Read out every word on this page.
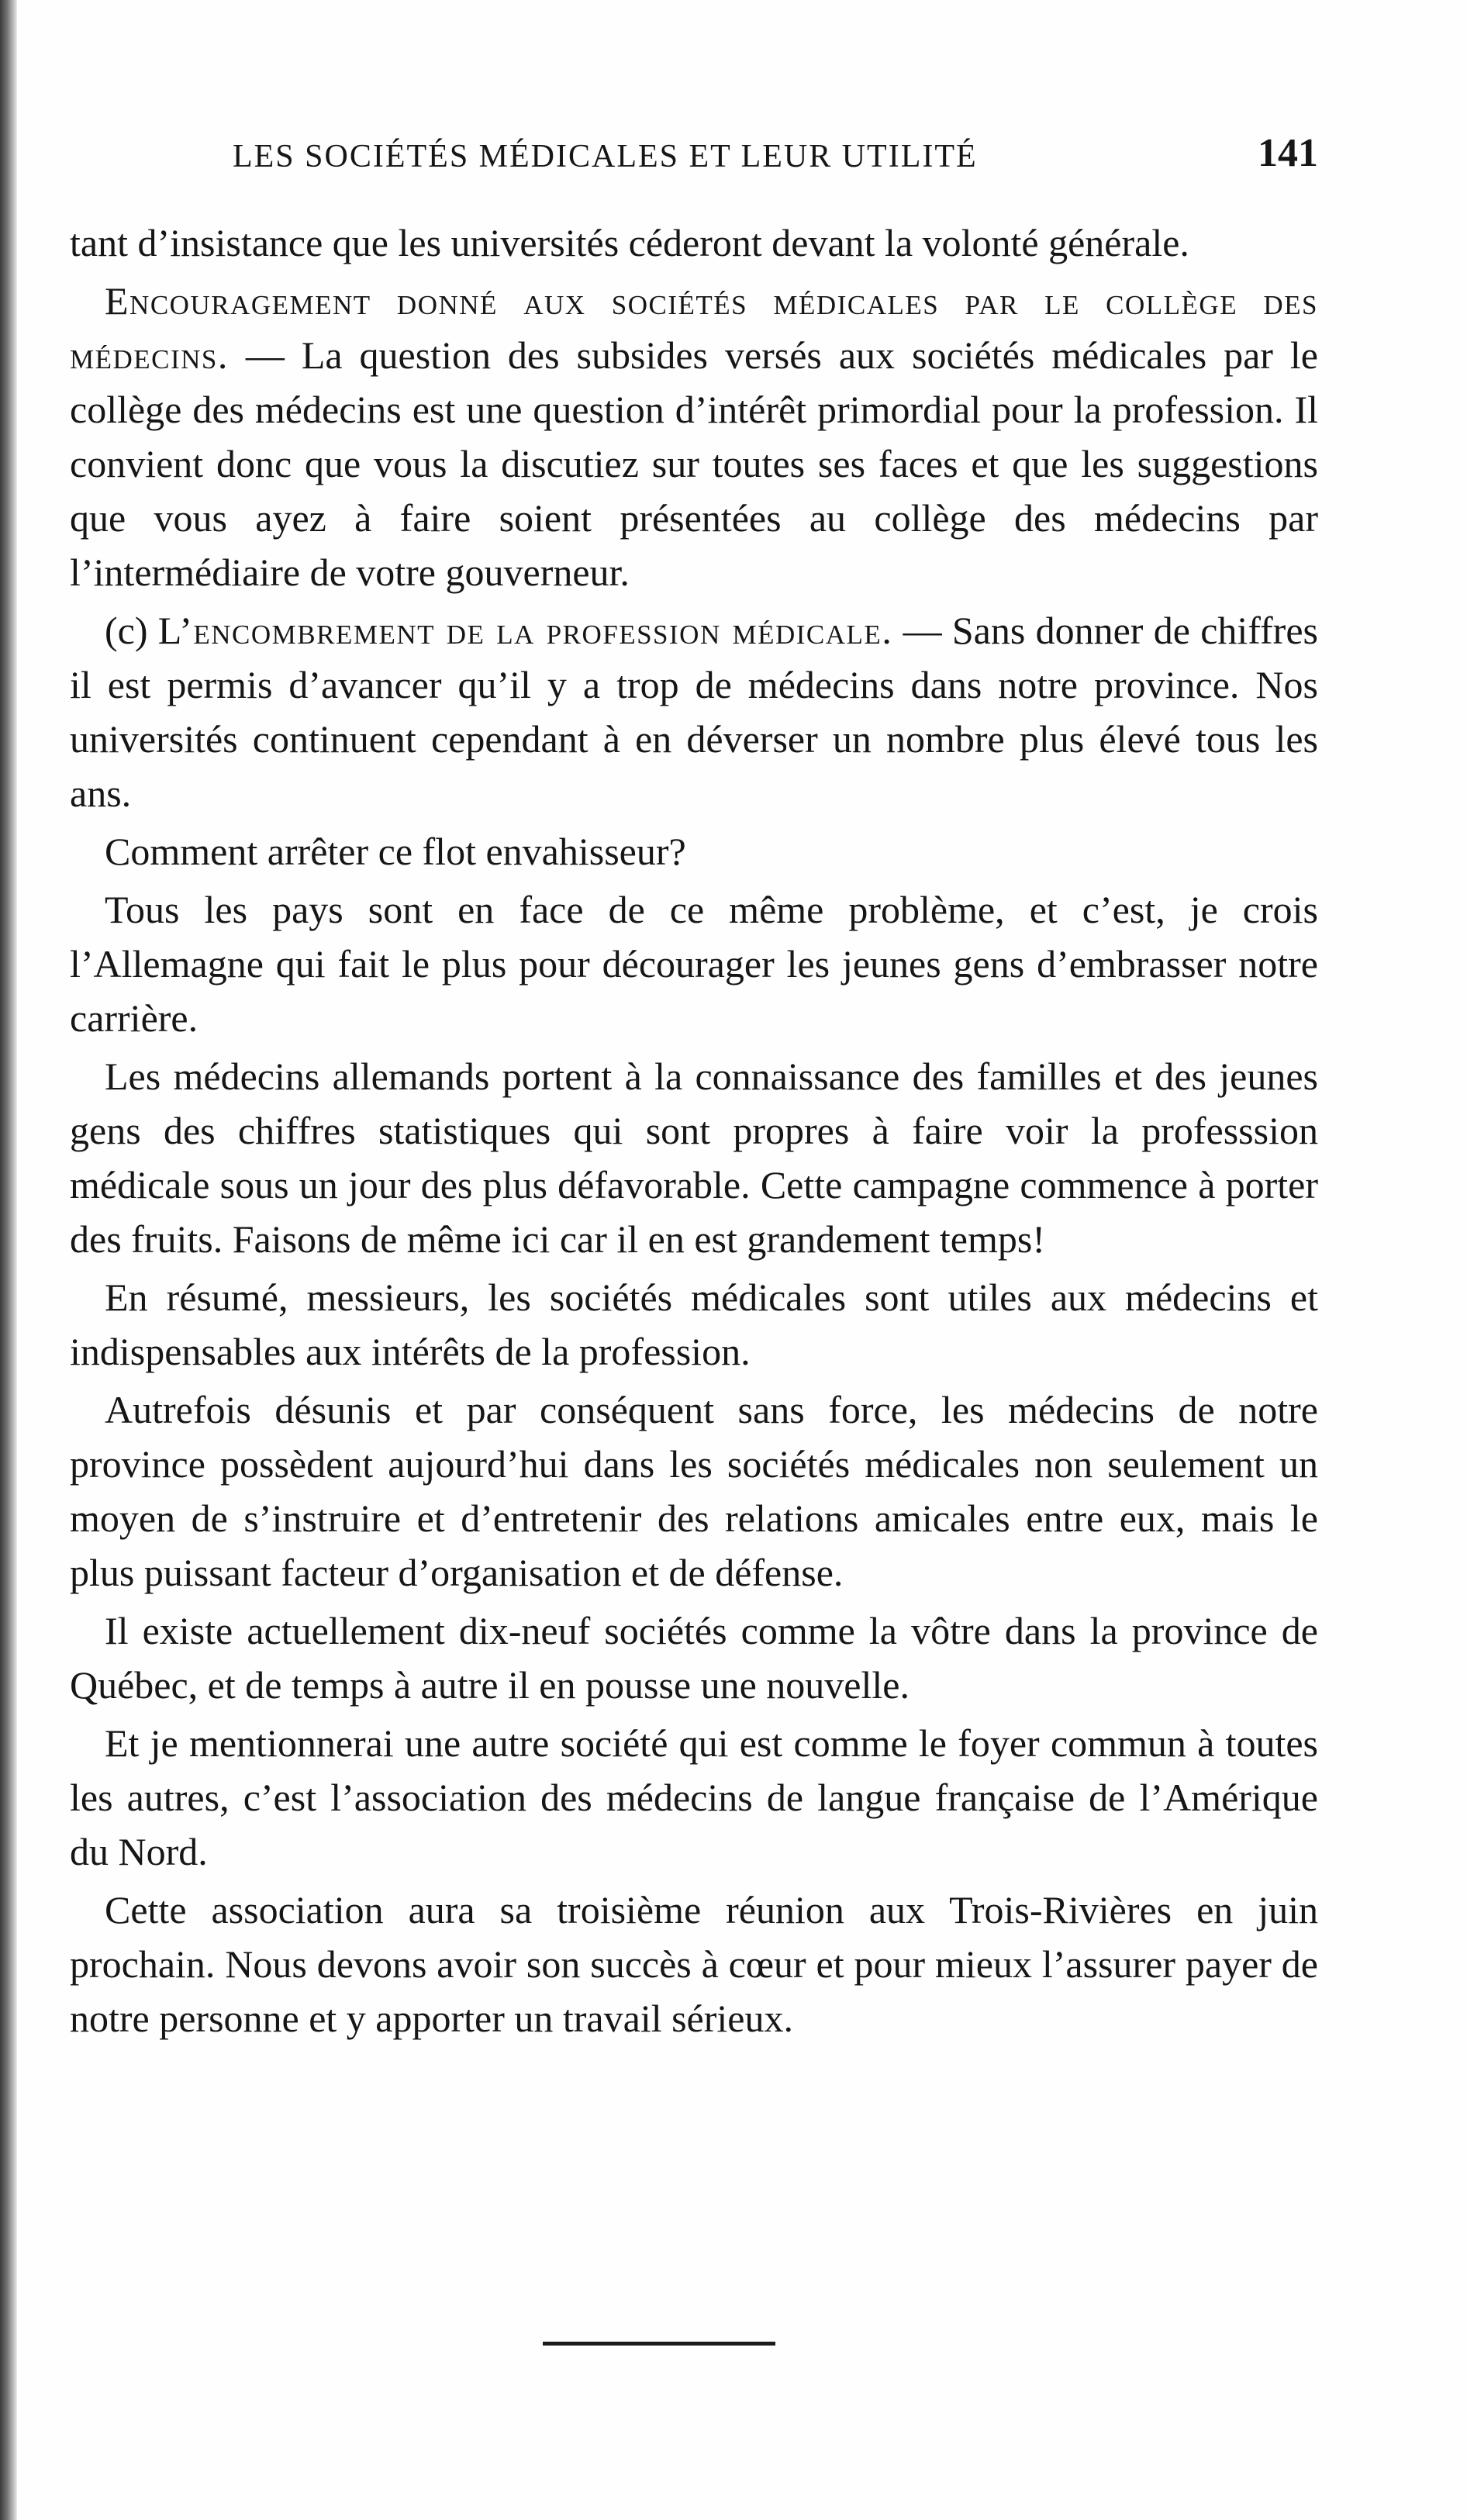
LES SOCIÉTÉS MÉDICALES ET LEUR UTILITÉ	141

tant d’insistance que les universités céderont devant la volonté générale.

Encouragement donné aux sociétés médicales par le collège des médecins. — La question des subsides versés aux sociétés médicales par le collège des médecins est une question d’intérêt primordial pour la profession. Il convient donc que vous la discutiez sur toutes ses faces et que les suggestions que vous ayez à faire soient présentées au collège des médecins par l’intermédiaire de votre gouverneur.

(c) L’encombrement de la profession médicale. — Sans donner de chiffres il est permis d’avancer qu’il y a trop de médecins dans notre province. Nos universités continuent cependant à en déverser un nombre plus élevé tous les ans.

Comment arrêter ce flot envahisseur?

Tous les pays sont en face de ce même problème, et c’est, je crois l’Allemagne qui fait le plus pour décourager les jeunes gens d’embrasser notre carrière.

Les médecins allemands portent à la connaissance des familles et des jeunes gens des chiffres statistiques qui sont propres à faire voir la professsion médicale sous un jour des plus défavorable. Cette campagne commence à porter des fruits. Faisons de même ici car il en est grandement temps!

En résumé, messieurs, les sociétés médicales sont utiles aux médecins et indispensables aux intérêts de la profession.

Autrefois désunis et par conséquent sans force, les médecins de notre province possèdent aujourd’hui dans les sociétés médicales non seulement un moyen de s’instruire et d’entretenir des relations amicales entre eux, mais le plus puissant facteur d’organisation et de défense.

Il existe actuellement dix-neuf sociétés comme la vôtre dans la province de Québec, et de temps à autre il en pousse une nouvelle.

Et je mentionnerai une autre société qui est comme le foyer commun à toutes les autres, c’est l’association des médecins de langue française de l’Amérique du Nord.

Cette association aura sa troisième réunion aux Trois-Rivières en juin prochain. Nous devons avoir son succès à cœur et pour mieux l’assurer payer de notre personne et y apporter un travail sérieux.
